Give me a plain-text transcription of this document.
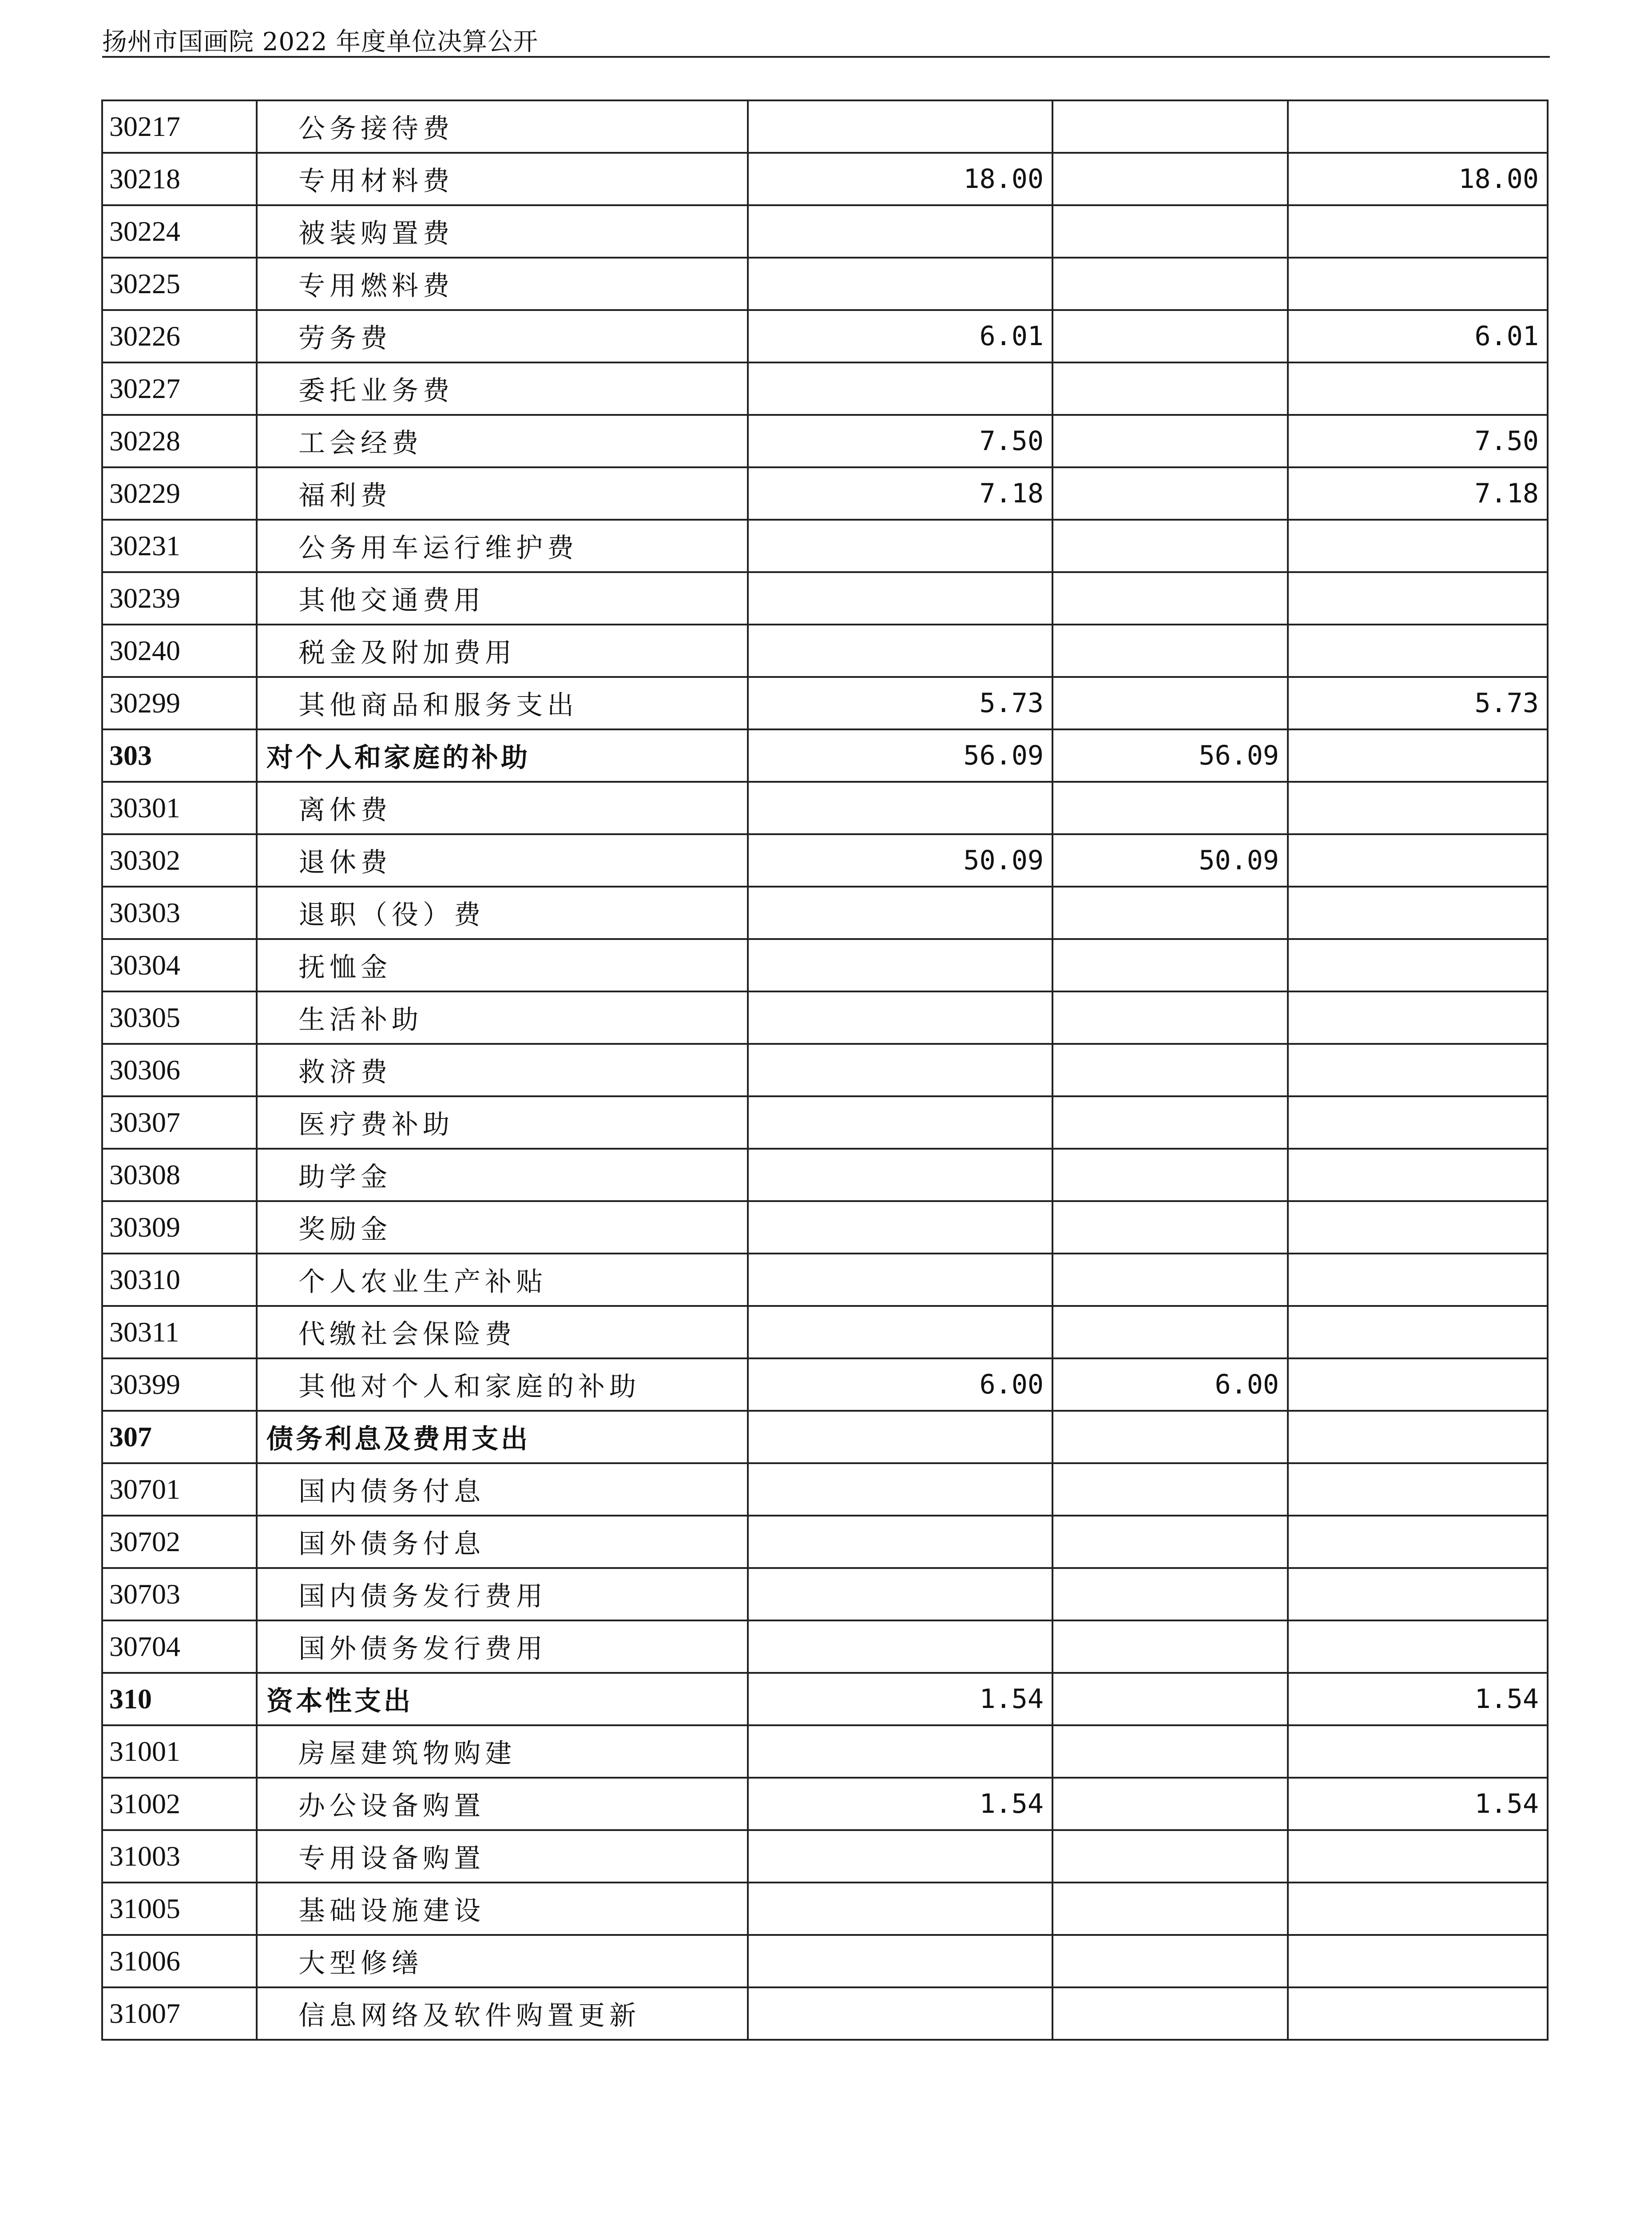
扬州市国画院 2022 年度单位决算公开
30217	公务接待费			
30218	专用材料费	18.00		18.00
30224	被装购置费			
30225	专用燃料费			
30226	劳务费	6.01		6.01
30227	委托业务费			
30228	工会经费	7.50		7.50
30229	福利费	7.18		7.18
30231	公务用车运行维护费			
30239	其他交通费用			
30240	税金及附加费用			
30299	其他商品和服务支出	5.73		5.73
303	对个人和家庭的补助	56.09	56.09	
30301	离休费			
30302	退休费	50.09	50.09	
30303	退职（役）费			
30304	抚恤金			
30305	生活补助			
30306	救济费			
30307	医疗费补助			
30308	助学金			
30309	奖励金			
30310	个人农业生产补贴			
30311	代缴社会保险费			
30399	其他对个人和家庭的补助	6.00	6.00	
307	债务利息及费用支出			
30701	国内债务付息			
30702	国外债务付息			
30703	国内债务发行费用			
30704	国外债务发行费用			
310	资本性支出	1.54		1.54
31001	房屋建筑物购建			
31002	办公设备购置	1.54		1.54
31003	专用设备购置			
31005	基础设施建设			
31006	大型修缮			
31007	信息网络及软件购置更新			
